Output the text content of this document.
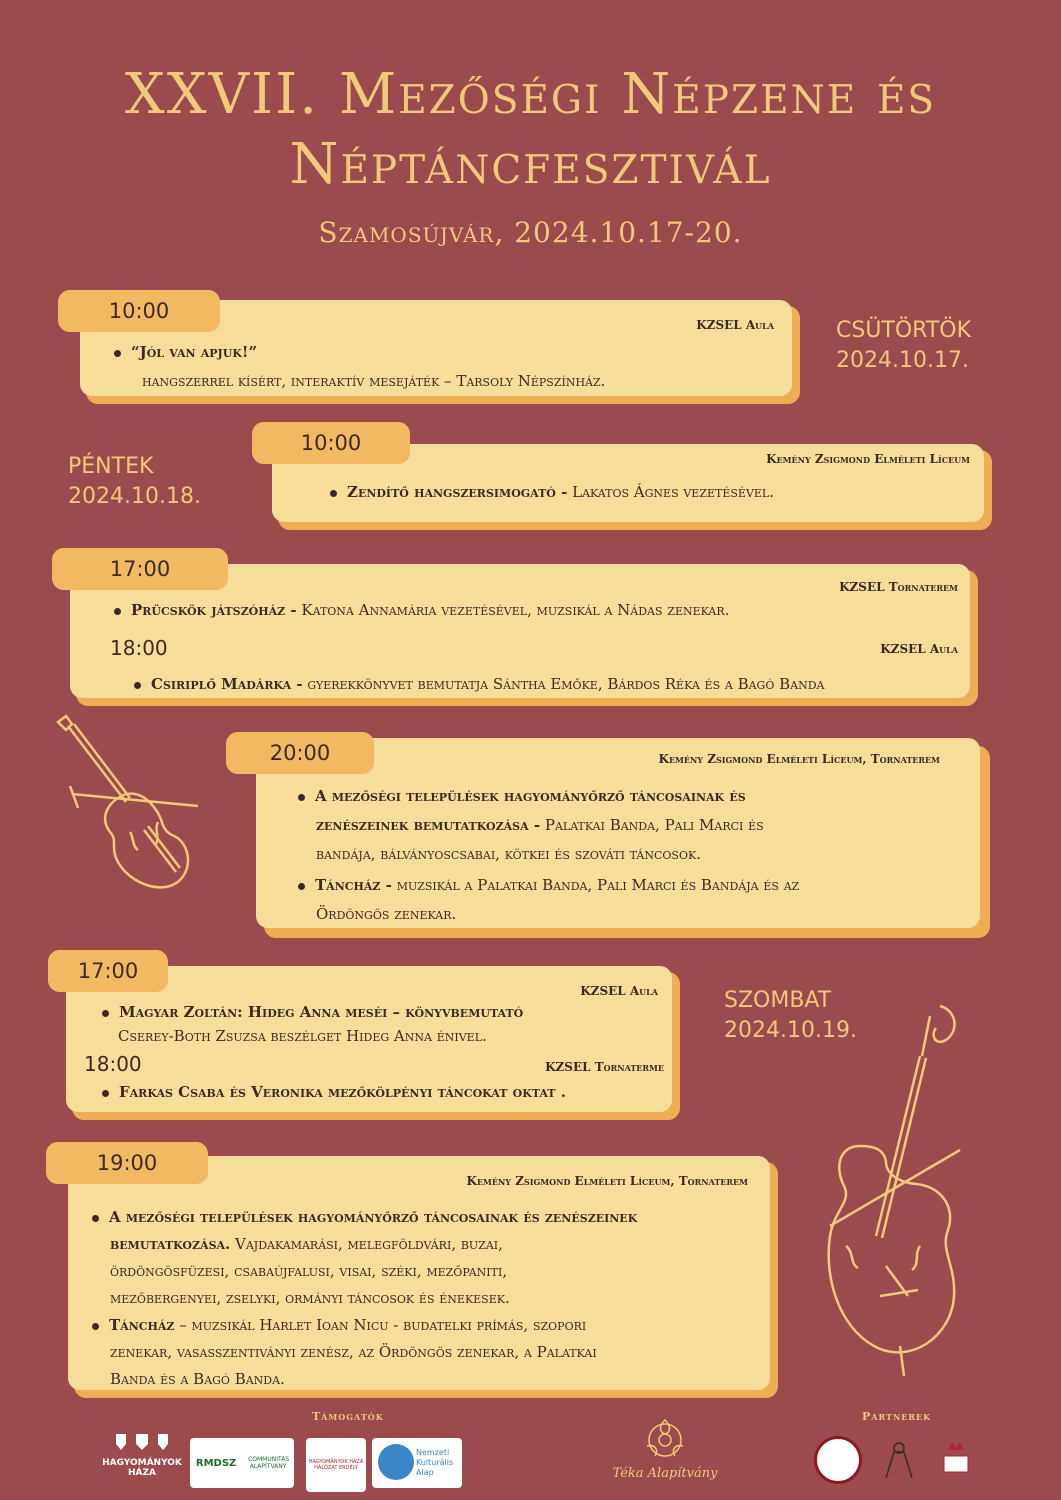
XXVII. Mezőségi Népzene és
Néptáncfesztivál
Szamosújvár, 2024.10.17-20.
CSÜTÖRTÖK
2024.10.17.
PÉNTEK
2024.10.18.
SZOMBAT
2024.10.19.
10:00
KZSEL Aula
“Jól van apjuk!”
hangszerrel kísért, interaktív mesejáték – Tarsoly Népszínház.
10:00
Kemény Zsigmond Elméleti Líceum
Zendítő hangszersimogató - Lakatos Ágnes vezetésével.
17:00
KZSEL Tornaterem
Prücskök játszóház - Katona Annamária vezetésével, muzsikál a Nádas zenekar.
18:00	KZSEL Aula
Csiriplő Madárka - gyerekkönyvet bemutatja Sántha Emőke, Bárdos Réka és a Bagó Banda
20:00	Kemény Zsigmond Elméleti Líceum, Tornaterem
A mezőségi települések hagyományőrző táncosainak és
zenészeinek bemutatkozása - Palatkai Banda, Pali Marci és
bandája, bálványoscsabai, kötkei és szováti táncosok.
Táncház - muzsikál a Palatkai Banda, Pali Marci és Bandája és az
Ördöngös zenekar.
17:00
KZSEL Aula
Magyar Zoltán: Hideg Anna meséi – könyvbemutató
Cserey-Both Zsuzsa beszélget Hideg Anna énivel.
18:00	KZSEL Tornaterme
Farkas Csaba és Veronika mezőkölpényi táncokat oktat .
19:00
Kemény Zsigmond Elméleti Líceum, Tornaterem
A mezőségi települések hagyományőrző táncosainak és zenészeinek
bemutatkozása. Vajdakamarási, melegföldvári, buzai,
ördöngösfüzesi, csabaújfalusi, visai, széki, mezőpaniti,
mezőbergenyei, zselyki, ormányi táncosok és énekesek.
Táncház – muzsikál Harlet Ioan Nicu - budatelki prímás, szopori
zenekar, vasasszentiványi zenész, az Ördöngös zenekar, a Palatkai
Banda és a Bagó Banda.
Támogatók	Partnerek
HAGYOMÁNYOK HÁZA
RMDSZ COMMUNITAS ALAPÍTVÁNY
HAGYOMÁNYOK HÁZA HÁLÓZAT ERDÉLY
Nemzeti Kulturális Alap	Téka Alapítvány
